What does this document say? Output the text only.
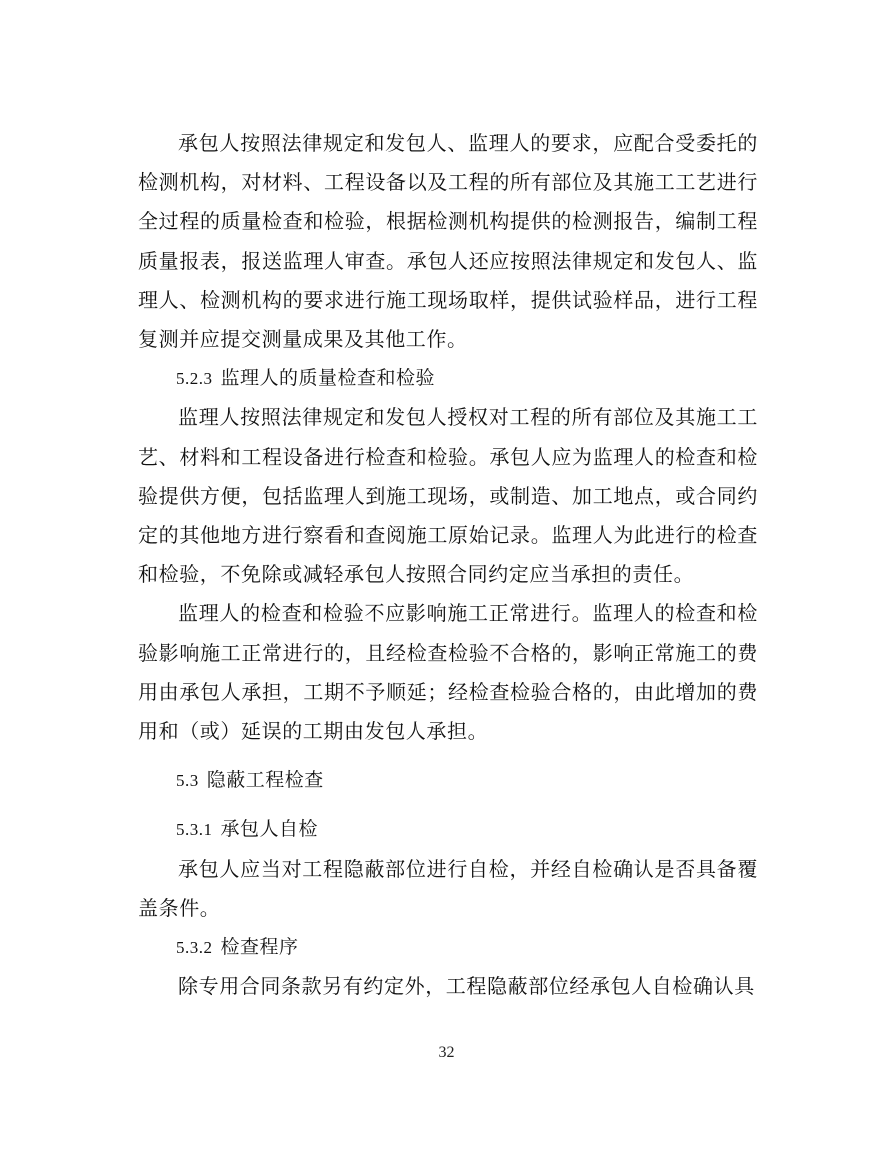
承包人按照法律规定和发包人、监理人的要求，应配合受委托的检测机构，对材料、工程设备以及工程的所有部位及其施工工艺进行全过程的质量检查和检验，根据检测机构提供的检测报告，编制工程质量报表，报送监理人审查。承包人还应按照法律规定和发包人、监理人、检测机构的要求进行施工现场取样，提供试验样品，进行工程复测并应提交测量成果及其他工作。

5.2.3 监理人的质量检查和检验

监理人按照法律规定和发包人授权对工程的所有部位及其施工工艺、材料和工程设备进行检查和检验。承包人应为监理人的检查和检验提供方便，包括监理人到施工现场，或制造、加工地点，或合同约定的其他地方进行察看和查阅施工原始记录。监理人为此进行的检查和检验，不免除或减轻承包人按照合同约定应当承担的责任。

监理人的检查和检验不应影响施工正常进行。监理人的检查和检验影响施工正常进行的，且经检查检验不合格的，影响正常施工的费用由承包人承担，工期不予顺延；经检查检验合格的，由此增加的费用和（或）延误的工期由发包人承担。

5.3 隐蔽工程检查
5.3.1 承包人自检

承包人应当对工程隐蔽部位进行自检，并经自检确认是否具备覆盖条件。

5.3.2 检查程序

除专用合同条款另有约定外，工程隐蔽部位经承包人自检确认具

32
